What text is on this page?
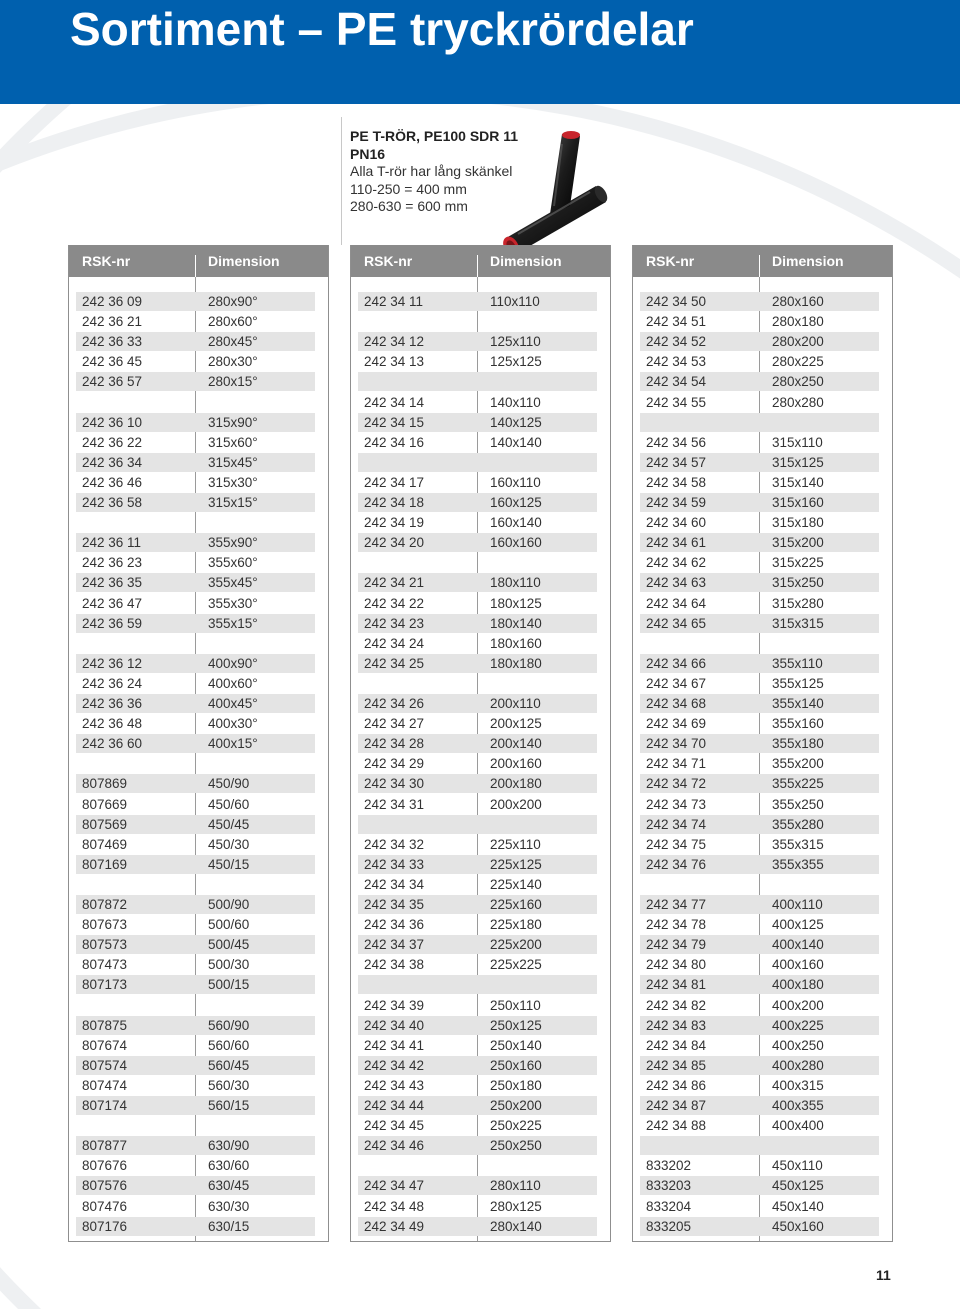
Sortiment – PE tryckrördelar
PE T-RÖR, PE100 SDR 11
PN16
Alla T-rör har lång skänkel
110-250 = 400 mm
280-630 = 600 mm
RSK-nr	Dimension
242 36 09	280x90°
242 36 21	280x60°
242 36 33	280x45°
242 36 45	280x30°
242 36 57	280x15°
242 36 10	315x90°
242 36 22	315x60°
242 36 34	315x45°
242 36 46	315x30°
242 36 58	315x15°
242 36 11	355x90°
242 36 23	355x60°
242 36 35	355x45°
242 36 47	355x30°
242 36 59	355x15°
242 36 12	400x90°
242 36 24	400x60°
242 36 36	400x45°
242 36 48	400x30°
242 36 60	400x15°
807869	450/90
807669	450/60
807569	450/45
807469	450/30
807169	450/15
807872	500/90
807673	500/60
807573	500/45
807473	500/30
807173	500/15
807875	560/90
807674	560/60
807574	560/45
807474	560/30
807174	560/15
807877	630/90
807676	630/60
807576	630/45
807476	630/30
807176	630/15
RSK-nr	Dimension
242 34 11	110x110
242 34 12	125x110
242 34 13	125x125
242 34 14	140x110
242 34 15	140x125
242 34 16	140x140
242 34 17	160x110
242 34 18	160x125
242 34 19	160x140
242 34 20	160x160
242 34 21	180x110
242 34 22	180x125
242 34 23	180x140
242 34 24	180x160
242 34 25	180x180
242 34 26	200x110
242 34 27	200x125
242 34 28	200x140
242 34 29	200x160
242 34 30	200x180
242 34 31	200x200
242 34 32	225x110
242 34 33	225x125
242 34 34	225x140
242 34 35	225x160
242 34 36	225x180
242 34 37	225x200
242 34 38	225x225
242 34 39	250x110
242 34 40	250x125
242 34 41	250x140
242 34 42	250x160
242 34 43	250x180
242 34 44	250x200
242 34 45	250x225
242 34 46	250x250
242 34 47	280x110
242 34 48	280x125
242 34 49	280x140
RSK-nr	Dimension
242 34 50	280x160
242 34 51	280x180
242 34 52	280x200
242 34 53	280x225
242 34 54	280x250
242 34 55	280x280
242 34 56	315x110
242 34 57	315x125
242 34 58	315x140
242 34 59	315x160
242 34 60	315x180
242 34 61	315x200
242 34 62	315x225
242 34 63	315x250
242 34 64	315x280
242 34 65	315x315
242 34 66	355x110
242 34 67	355x125
242 34 68	355x140
242 34 69	355x160
242 34 70	355x180
242 34 71	355x200
242 34 72	355x225
242 34 73	355x250
242 34 74	355x280
242 34 75	355x315
242 34 76	355x355
242 34 77	400x110
242 34 78	400x125
242 34 79	400x140
242 34 80	400x160
242 34 81	400x180
242 34 82	400x200
242 34 83	400x225
242 34 84	400x250
242 34 85	400x280
242 34 86	400x315
242 34 87	400x355
242 34 88	400x400
833202	450x110
833203	450x125
833204	450x140
833205	450x160
11
